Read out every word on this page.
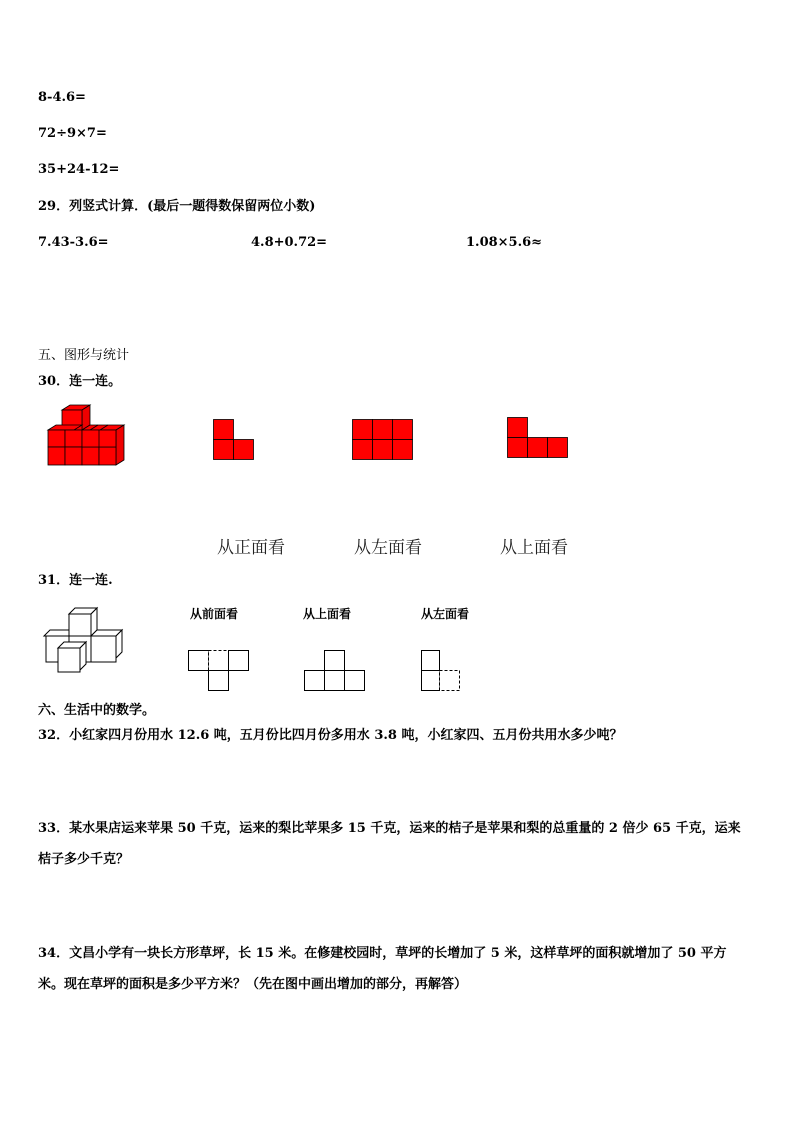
8-4.6=
72÷9×7=
35+24-12=
29．列竖式计算．(最后一题得数保留两位小数)
7.43-3.6=	4.8+0.72=	1.08×5.6≈
五、图形与统计
30．连一连。
从正面看	从左面看	从上面看
31．连一连.
从前面看	从上面看	从左面看
六、生活中的数学。
32．小红家四月份用水 12.6 吨，五月份比四月份多用水 3.8 吨，小红家四、五月份共用水多少吨？
33．某水果店运来苹果 50 千克，运来的梨比苹果多 15 千克，运来的桔子是苹果和梨的总重量的 2 倍少 65 千克，运来
桔子多少千克？
34．文昌小学有一块长方形草坪，长 15 米。在修建校园时，草坪的长增加了 5 米，这样草坪的面积就增加了 50 平方
米。现在草坪的面积是多少平方米？（先在图中画出增加的部分，再解答）
